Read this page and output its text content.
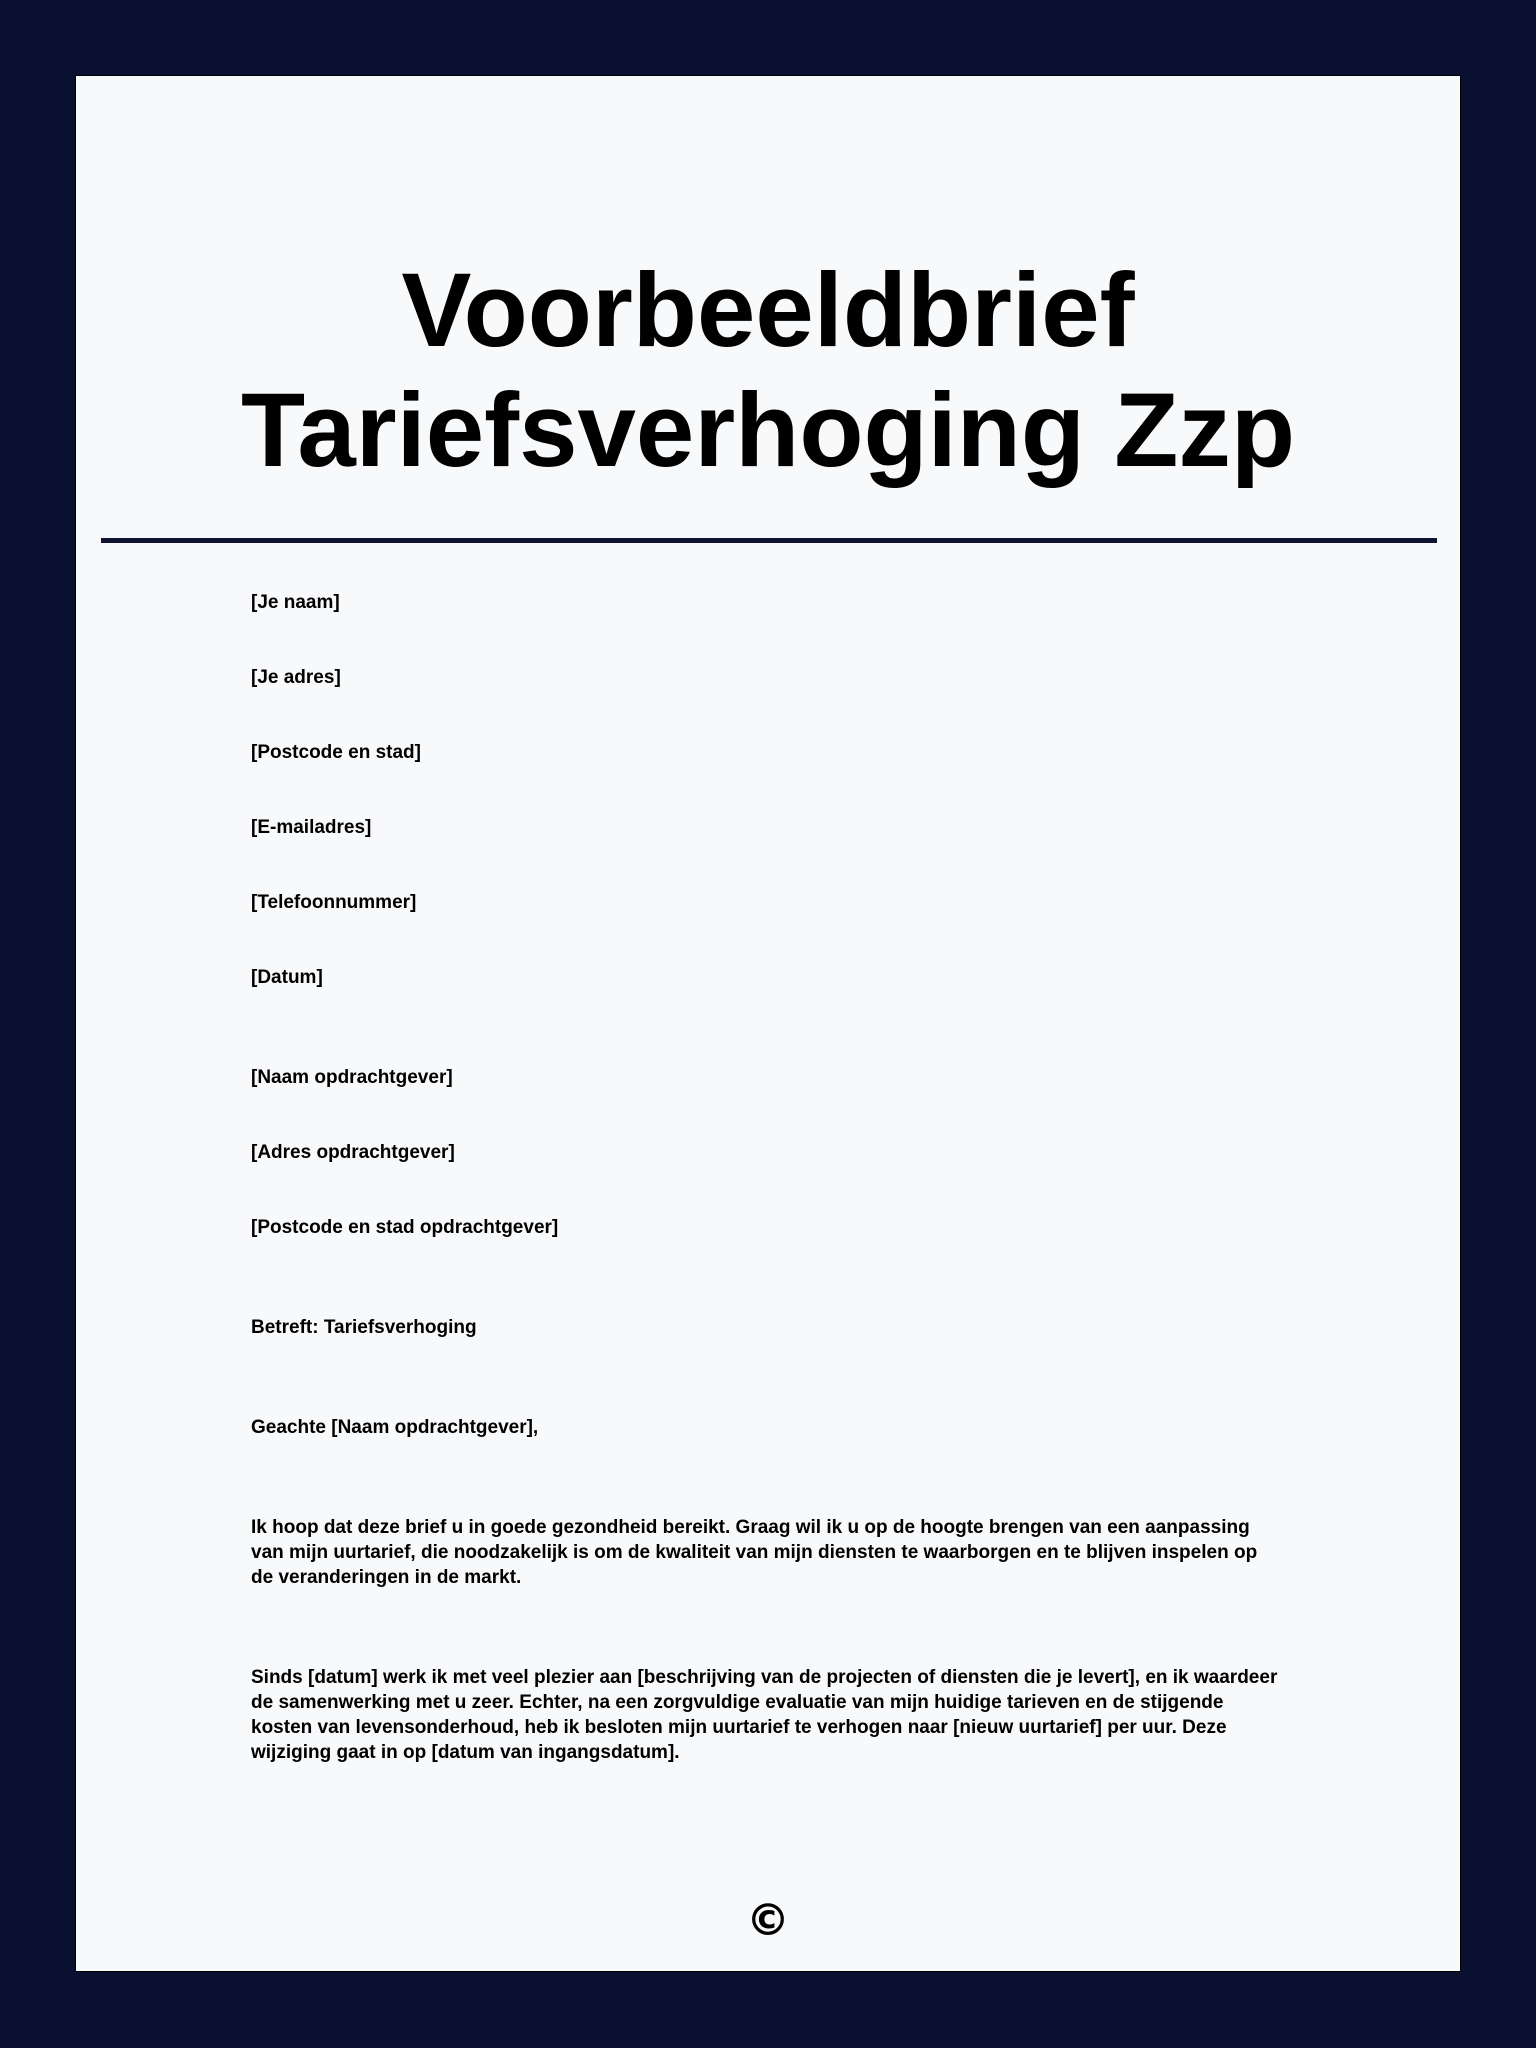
Voorbeeldbrief
Tariefsverhoging Zzp

[Je naam]

[Je adres]

[Postcode en stad]

[E-mailadres]

[Telefoonnummer]

[Datum]

[Naam opdrachtgever]

[Adres opdrachtgever]

[Postcode en stad opdrachtgever]

Betreft: Tariefsverhoging

Geachte [Naam opdrachtgever],

Ik hoop dat deze brief u in goede gezondheid bereikt. Graag wil ik u op de hoogte brengen van een aanpassing van mijn uurtarief, die noodzakelijk is om de kwaliteit van mijn diensten te waarborgen en te blijven inspelen op de veranderingen in de markt.

Sinds [datum] werk ik met veel plezier aan [beschrijving van de projecten of diensten die je levert], en ik waardeer de samenwerking met u zeer. Echter, na een zorgvuldige evaluatie van mijn huidige tarieven en de stijgende kosten van levensonderhoud, heb ik besloten mijn uurtarief te verhogen naar [nieuw uurtarief] per uur. Deze wijziging gaat in op [datum van ingangsdatum].

©
